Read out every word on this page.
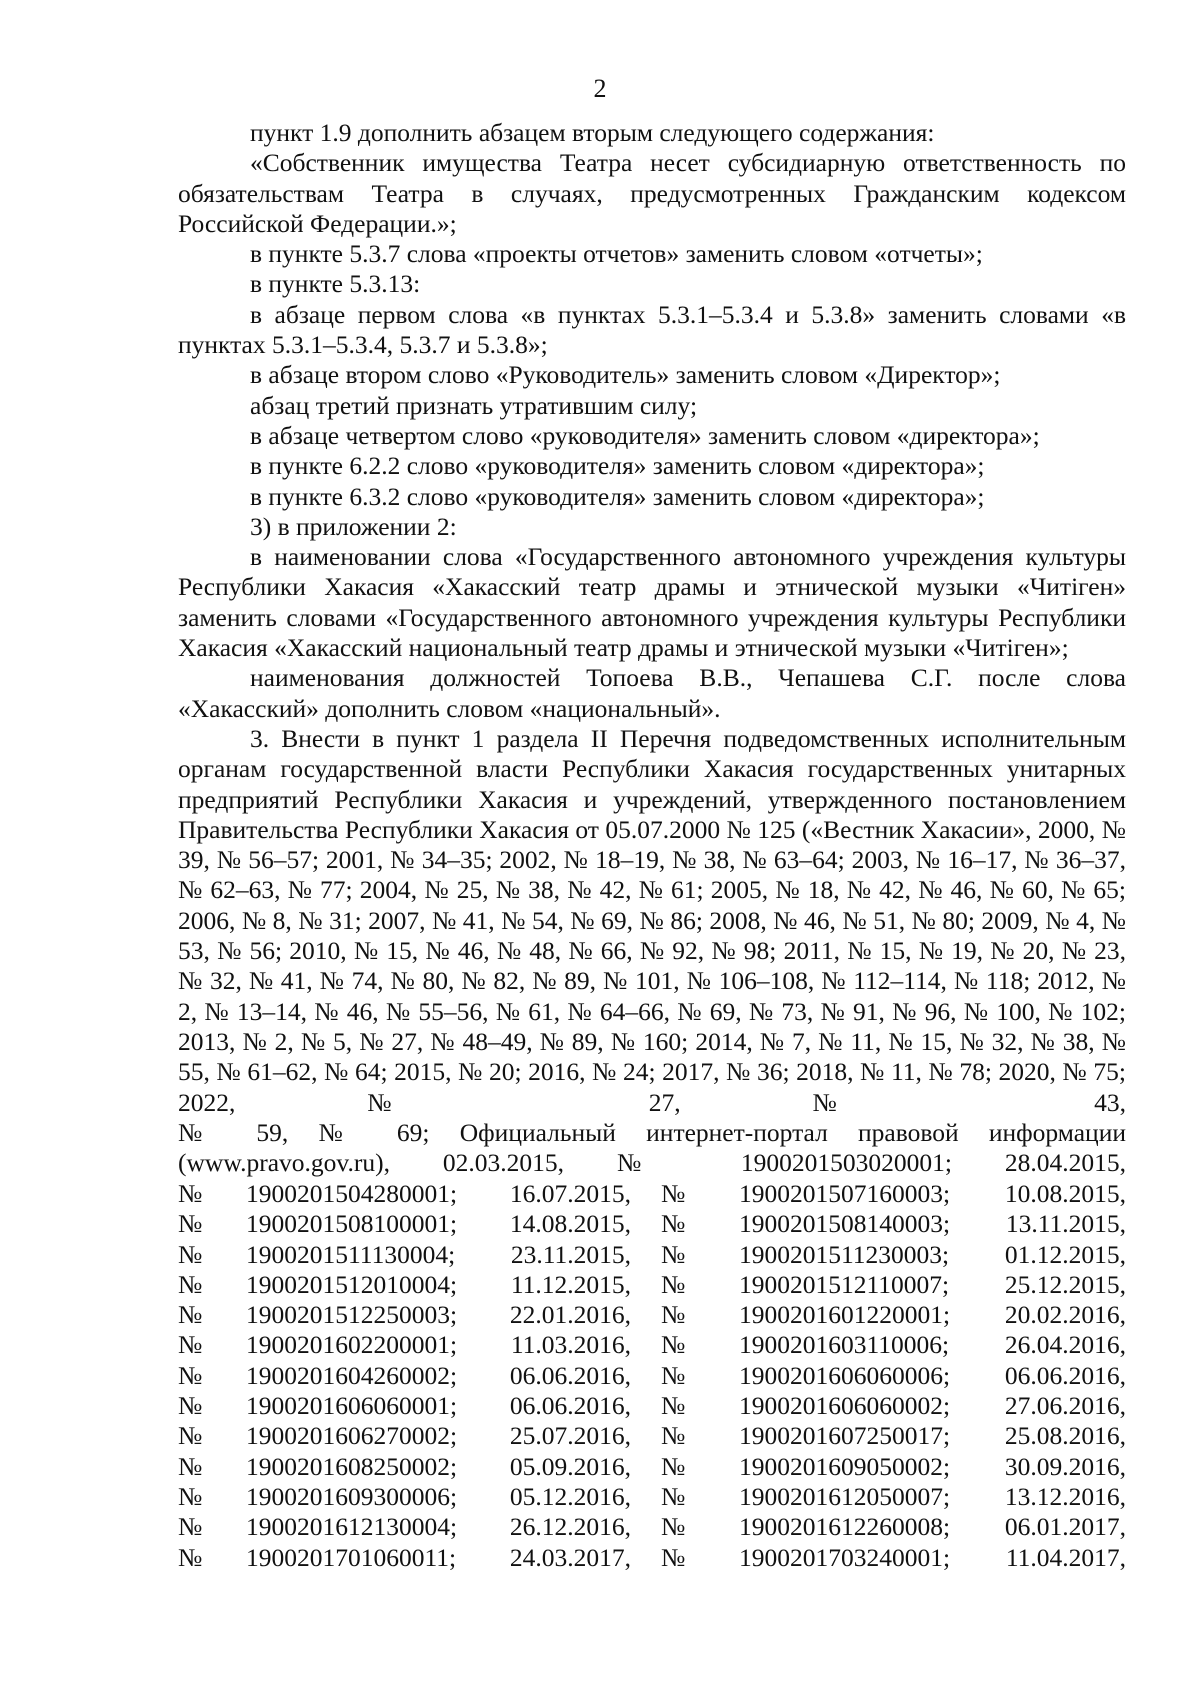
2

пункт 1.9 дополнить абзацем вторым следующего содержания:

«Собственник имущества Театра несет субсидиарную ответственность по обязательствам Театра в случаях, предусмотренных Гражданским кодексом Российской Федерации.»;

в пункте 5.3.7 слова «проекты отчетов» заменить словом «отчеты»;

в пункте 5.3.13:

в абзаце первом слова «в пунктах 5.3.1–5.3.4 и 5.3.8» заменить словами «в пунктах 5.3.1–5.3.4, 5.3.7 и 5.3.8»;

в абзаце втором слово «Руководитель» заменить словом «Директор»;

абзац третий признать утратившим силу;

в абзаце четвертом слово «руководителя» заменить словом «директора»;

в пункте 6.2.2 слово «руководителя» заменить словом «директора»;

в пункте 6.3.2 слово «руководителя» заменить словом «директора»;

3) в приложении 2:

в наименовании слова «Государственного автономного учреждения культуры Республики Хакасия «Хакасский театр драмы и этнической музыки «Читіген» заменить словами «Государственного автономного учреждения культуры Республики Хакасия «Хакасский национальный театр драмы и этнической музыки «Читіген»;

наименования должностей Топоева В.В., Чепашева С.Г. после слова «Хакасский» дополнить словом «национальный».

3. Внести в пункт 1 раздела II Перечня подведомственных исполнительным органам государственной власти Республики Хакасия государственных унитарных предприятий Республики Хакасия и учреждений, утвержденного постановлением Правительства Республики Хакасия от 05.07.2000 № 125 («Вестник Хакасии», 2000, № 39, № 56–57; 2001, № 34–35; 2002, № 18–19, № 38, № 63–64; 2003, № 16–17, № 36–37, № 62–63, № 77; 2004, № 25, № 38, № 42, № 61; 2005, № 18, № 42, № 46, № 60, № 65; 2006, № 8, № 31; 2007, № 41, № 54, № 69, № 86; 2008, № 46, № 51, № 80; 2009, № 4, № 53, № 56; 2010, № 15, № 46, № 48, № 66, № 92, № 98; 2011, № 15, № 19, № 20, № 23, № 32, № 41, № 74, № 80, № 82, № 89, № 101, № 106–108, № 112–114, № 118; 2012, № 2, № 13–14, № 46, № 55–56, № 61, № 64–66, № 69, № 73, № 91, № 96, № 100, № 102; 2013, № 2, № 5, № 27, № 48–49, № 89, № 160; 2014, № 7, № 11, № 15, № 32, № 38, № 55, № 61–62, № 64; 2015, № 20; 2016, № 24; 2017, № 36; 2018, № 11, № 78; 2020, № 75; 2022, № 27, № 43,

№ 59, № 69; Официальный интернет-портал правовой информации

(www.pravo.gov.ru), 02.03.2015, № 1900201503020001; 28.04.2015,

№	1900201504280001;	16.07.2015,	№	1900201507160003;	10.08.2015,
№	1900201508100001;	14.08.2015,	№	1900201508140003;	13.11.2015,
№	1900201511130004;	23.11.2015,	№	1900201511230003;	01.12.2015,
№	1900201512010004;	11.12.2015,	№	1900201512110007;	25.12.2015,
№	1900201512250003;	22.01.2016,	№	1900201601220001;	20.02.2016,
№	1900201602200001;	11.03.2016,	№	1900201603110006;	26.04.2016,
№	1900201604260002;	06.06.2016,	№	1900201606060006;	06.06.2016,
№	1900201606060001;	06.06.2016,	№	1900201606060002;	27.06.2016,
№	1900201606270002;	25.07.2016,	№	1900201607250017;	25.08.2016,
№	1900201608250002;	05.09.2016,	№	1900201609050002;	30.09.2016,
№	1900201609300006;	05.12.2016,	№	1900201612050007;	13.12.2016,
№	1900201612130004;	26.12.2016,	№	1900201612260008;	06.01.2017,
№	1900201701060011;	24.03.2017,	№	1900201703240001;	11.04.2017,
